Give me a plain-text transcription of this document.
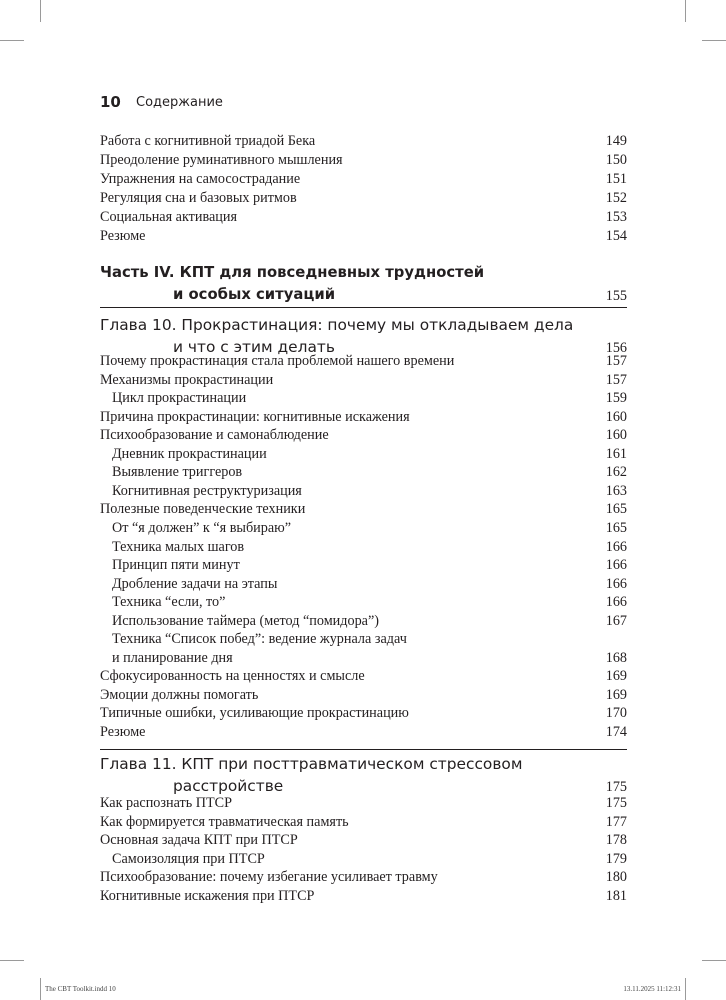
10 Содержание
Работа с когнитивной триадой Бека	149
Преодоление руминативного мышления	150
Упражнения на самосострадание	151
Регуляция сна и базовых ритмов	152
Социальная активация	153
Резюме	154
Часть IV. КПТ для повседневных трудностей
и особых ситуаций	155
Глава 10. Прокрастинация: почему мы откладываем дела
и что с этим делать	156
Почему прокрастинация стала проблемой нашего времени	157
Механизмы прокрастинации	157
Цикл прокрастинации	159
Причина прокрастинации: когнитивные искажения	160
Психообразование и самонаблюдение	160
Дневник прокрастинации	161
Выявление триггеров	162
Когнитивная реструктуризация	163
Полезные поведенческие техники	165
От “я должен” к “я выбираю”	165
Техника малых шагов	166
Принцип пяти минут	166
Дробление задачи на этапы	166
Техника “если, то”	166
Использование таймера (метод “помидора”)	167
Техника “Список побед”: ведение журнала задач
и планирование дня	168
Сфокусированность на ценностях и смысле	169
Эмоции должны помогать	169
Типичные ошибки, усиливающие прокрастинацию	170
Резюме	174
Глава 11. КПТ при посттравматическом стрессовом
расстройстве	175
Как распознать ПТСР	175
Как формируется травматическая память	177
Основная задача КПТ при ПТСР	178
Самоизоляция при ПТСР	179
Психообразование: почему избегание усиливает травму	180
Когнитивные искажения при ПТСР	181
The CBT Toolkit.indd 10	13.11.2025 11:12:31
